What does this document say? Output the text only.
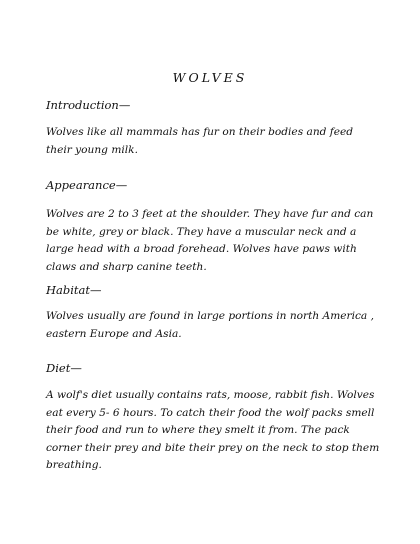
WOLVES
Introduction—

Wolves like all mammals has fur on their bodies and feed their young milk.

Appearance—

Wolves are 2 to 3 feet at the shoulder. They have fur and can be white, grey or black. They have a muscular neck and a large head with a broad forehead. Wolves have paws with claws and sharp canine teeth.

Habitat—

Wolves usually are found in large portions in north America , eastern Europe and Asia.

Diet—

A wolf's diet usually contains rats, moose, rabbit fish. Wolves eat every 5- 6 hours. To catch their food the wolf packs smell their food and run to where they smelt it from. The pack corner their prey and bite their prey on the neck to stop them breathing.
